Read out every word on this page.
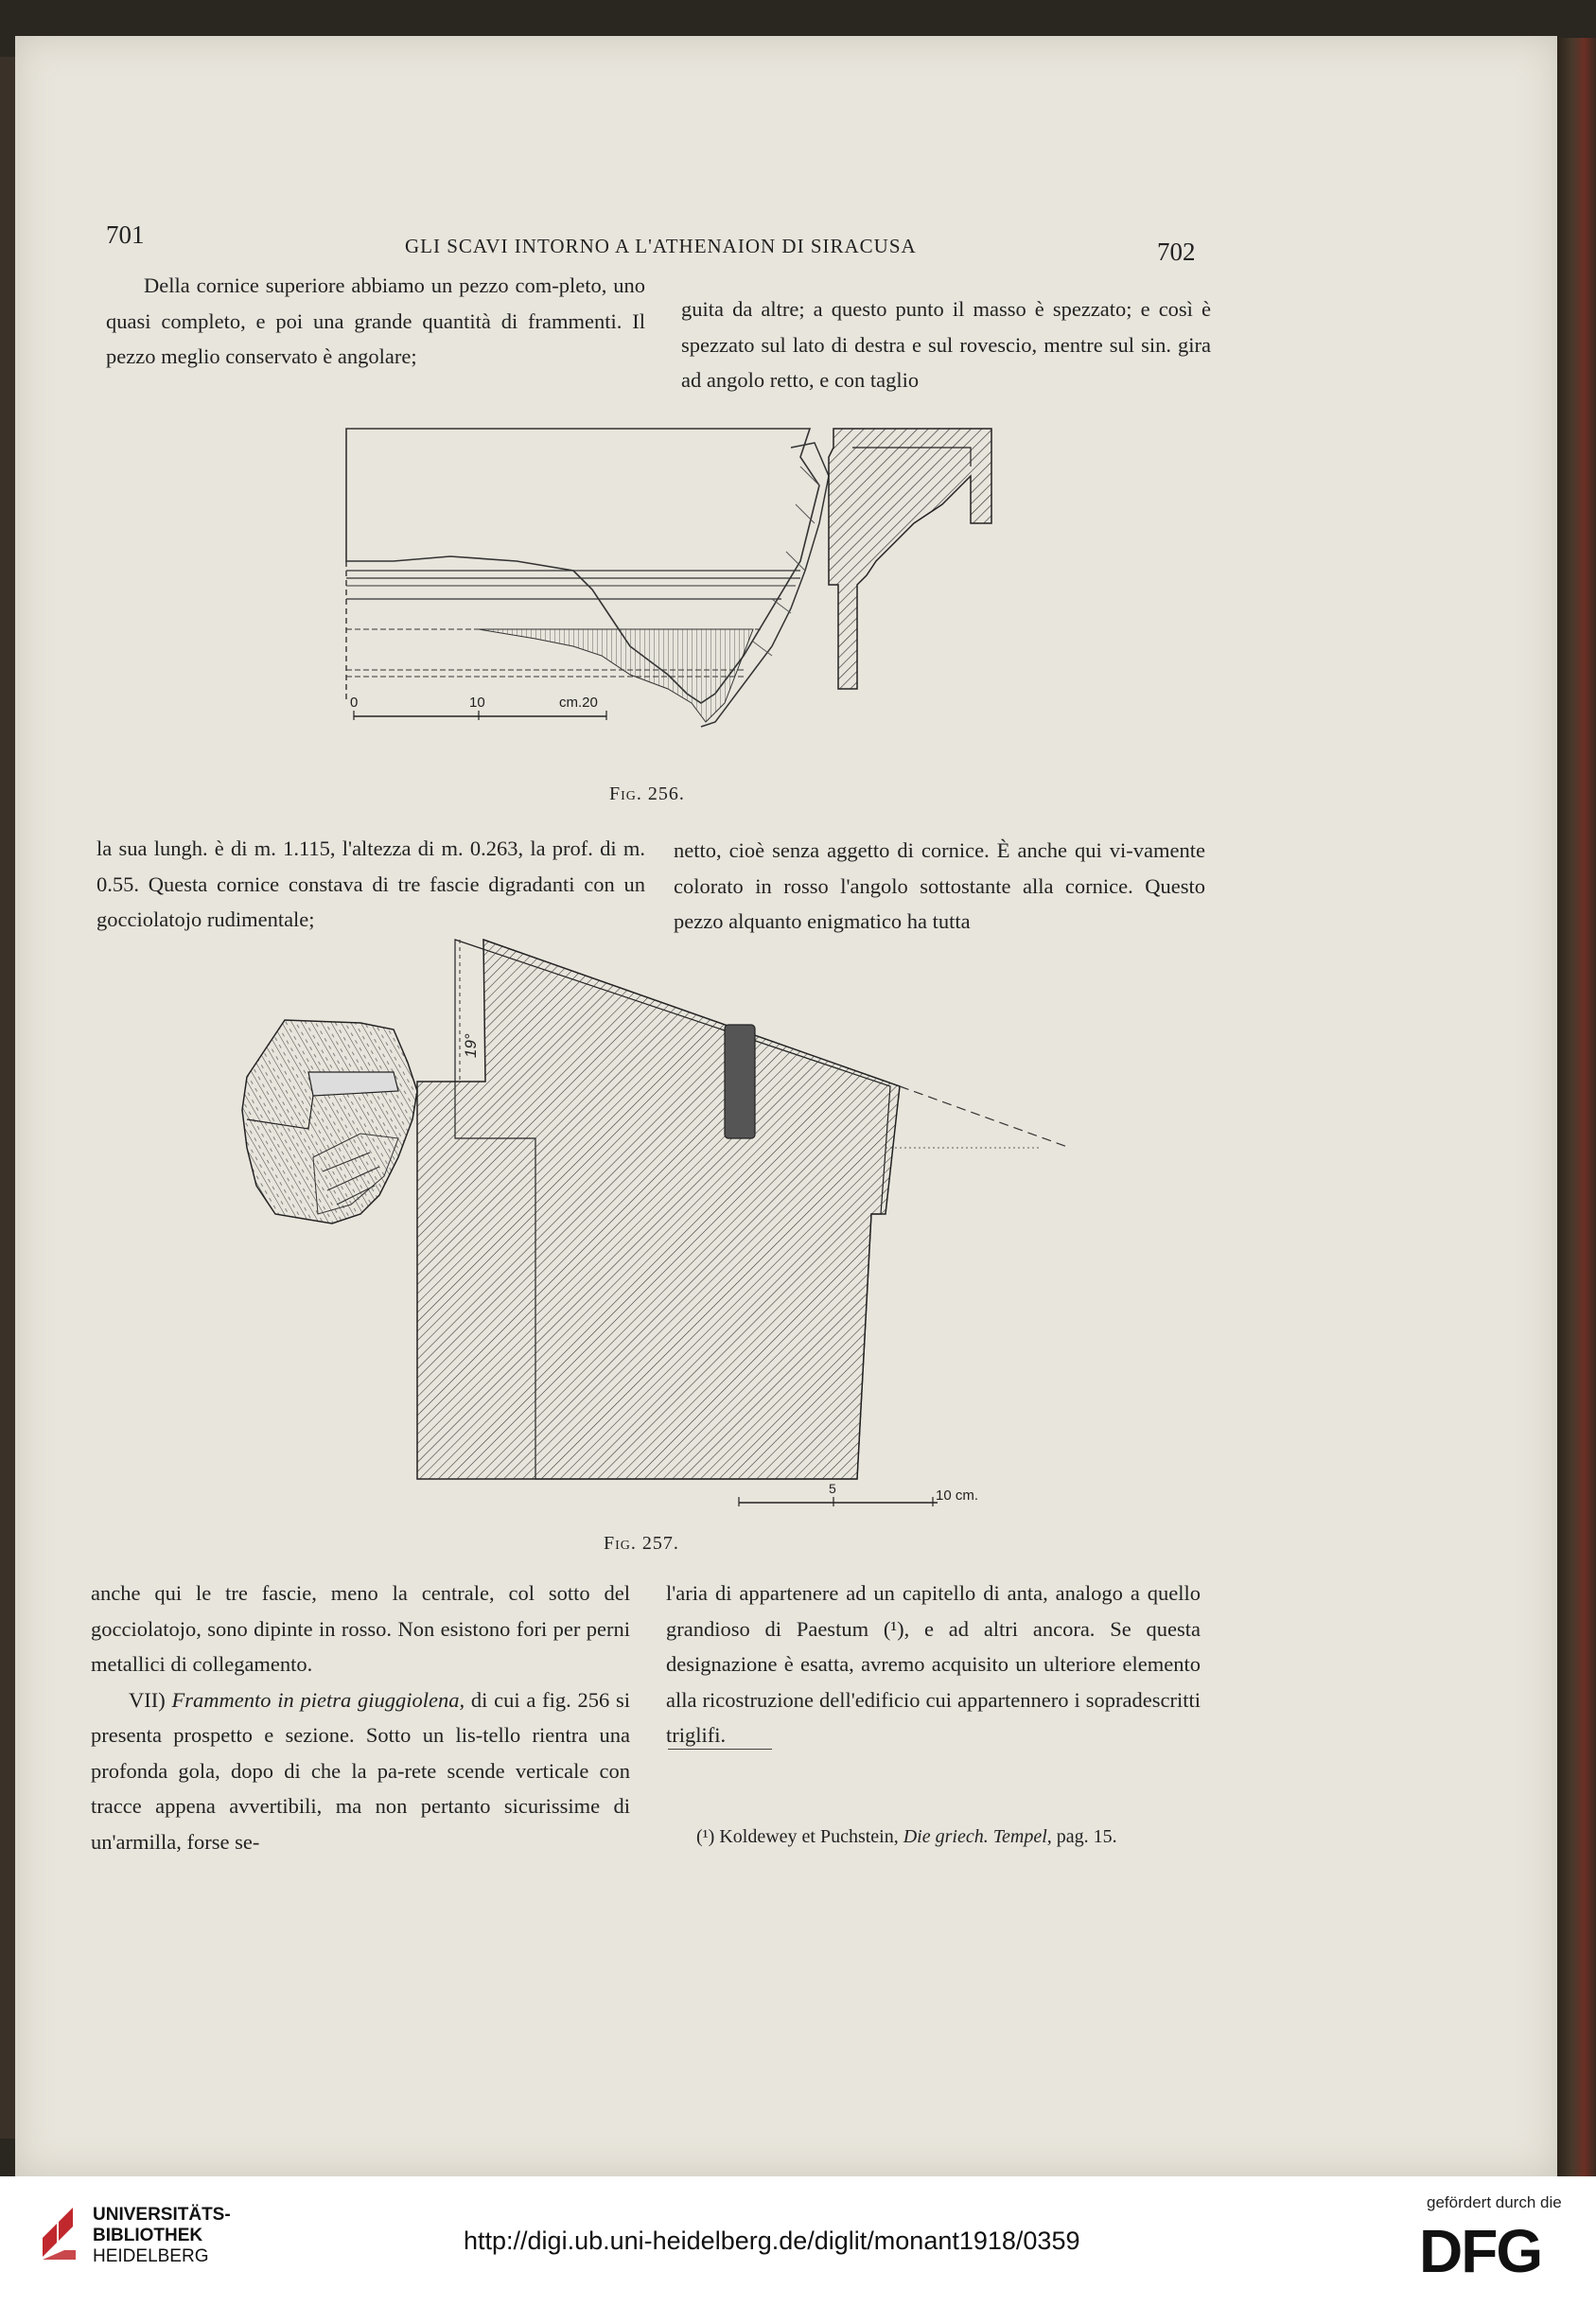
701	GLI SCAVI INTORNO A L'ATHENAION DI SIRACUSA	702

Della cornice superiore abbiamo un pezzo com-pleto, uno quasi completo, e poi una grande quantità di frammenti. Il pezzo meglio conservato è angolare;

guita da altre; a questo punto il masso è spezzato; e così è spezzato sul lato di destra e sul rovescio, mentre sul sin. gira ad angolo retto, e con taglio

0	10	cm.20
Fig. 256.

la sua lungh. è di m. 1.115, l'altezza di m. 0.263, la prof. di m. 0.55. Questa cornice constava di tre fascie digradanti con un gocciolatojo rudimentale;

netto, cioè senza aggetto di cornice. È anche qui vi-vamente colorato in rosso l'angolo sottostante alla cornice. Questo pezzo alquanto enigmatico ha tutta

19°
5	10 cm.
Fig. 257.

anche qui le tre fascie, meno la centrale, col sotto del gocciolatojo, sono dipinte in rosso. Non esistono fori per perni metallici di collegamento.

VII) Frammento in pietra giuggiolena, di cui a fig. 256 si presenta prospetto e sezione. Sotto un lis-tello rientra una profonda gola, dopo di che la pa-rete scende verticale con tracce appena avvertibili, ma non pertanto sicurissime di un'armilla, forse se-

l'aria di appartenere ad un capitello di anta, analogo a quello grandioso di Paestum (¹), e ad altri ancora. Se questa designazione è esatta, avremo acquisito un ulteriore elemento alla ricostruzione dell'edificio cui appartennero i sopradescritti triglifi.

(¹) Koldewey et Puchstein, Die griech. Tempel, pag. 15.
UNIVERSITÄTS-
BIBLIOTHEK
HEIDELBERG
http://digi.ub.uni-heidelberg.de/diglit/monant1918/0359
gefördert durch die
DFG
